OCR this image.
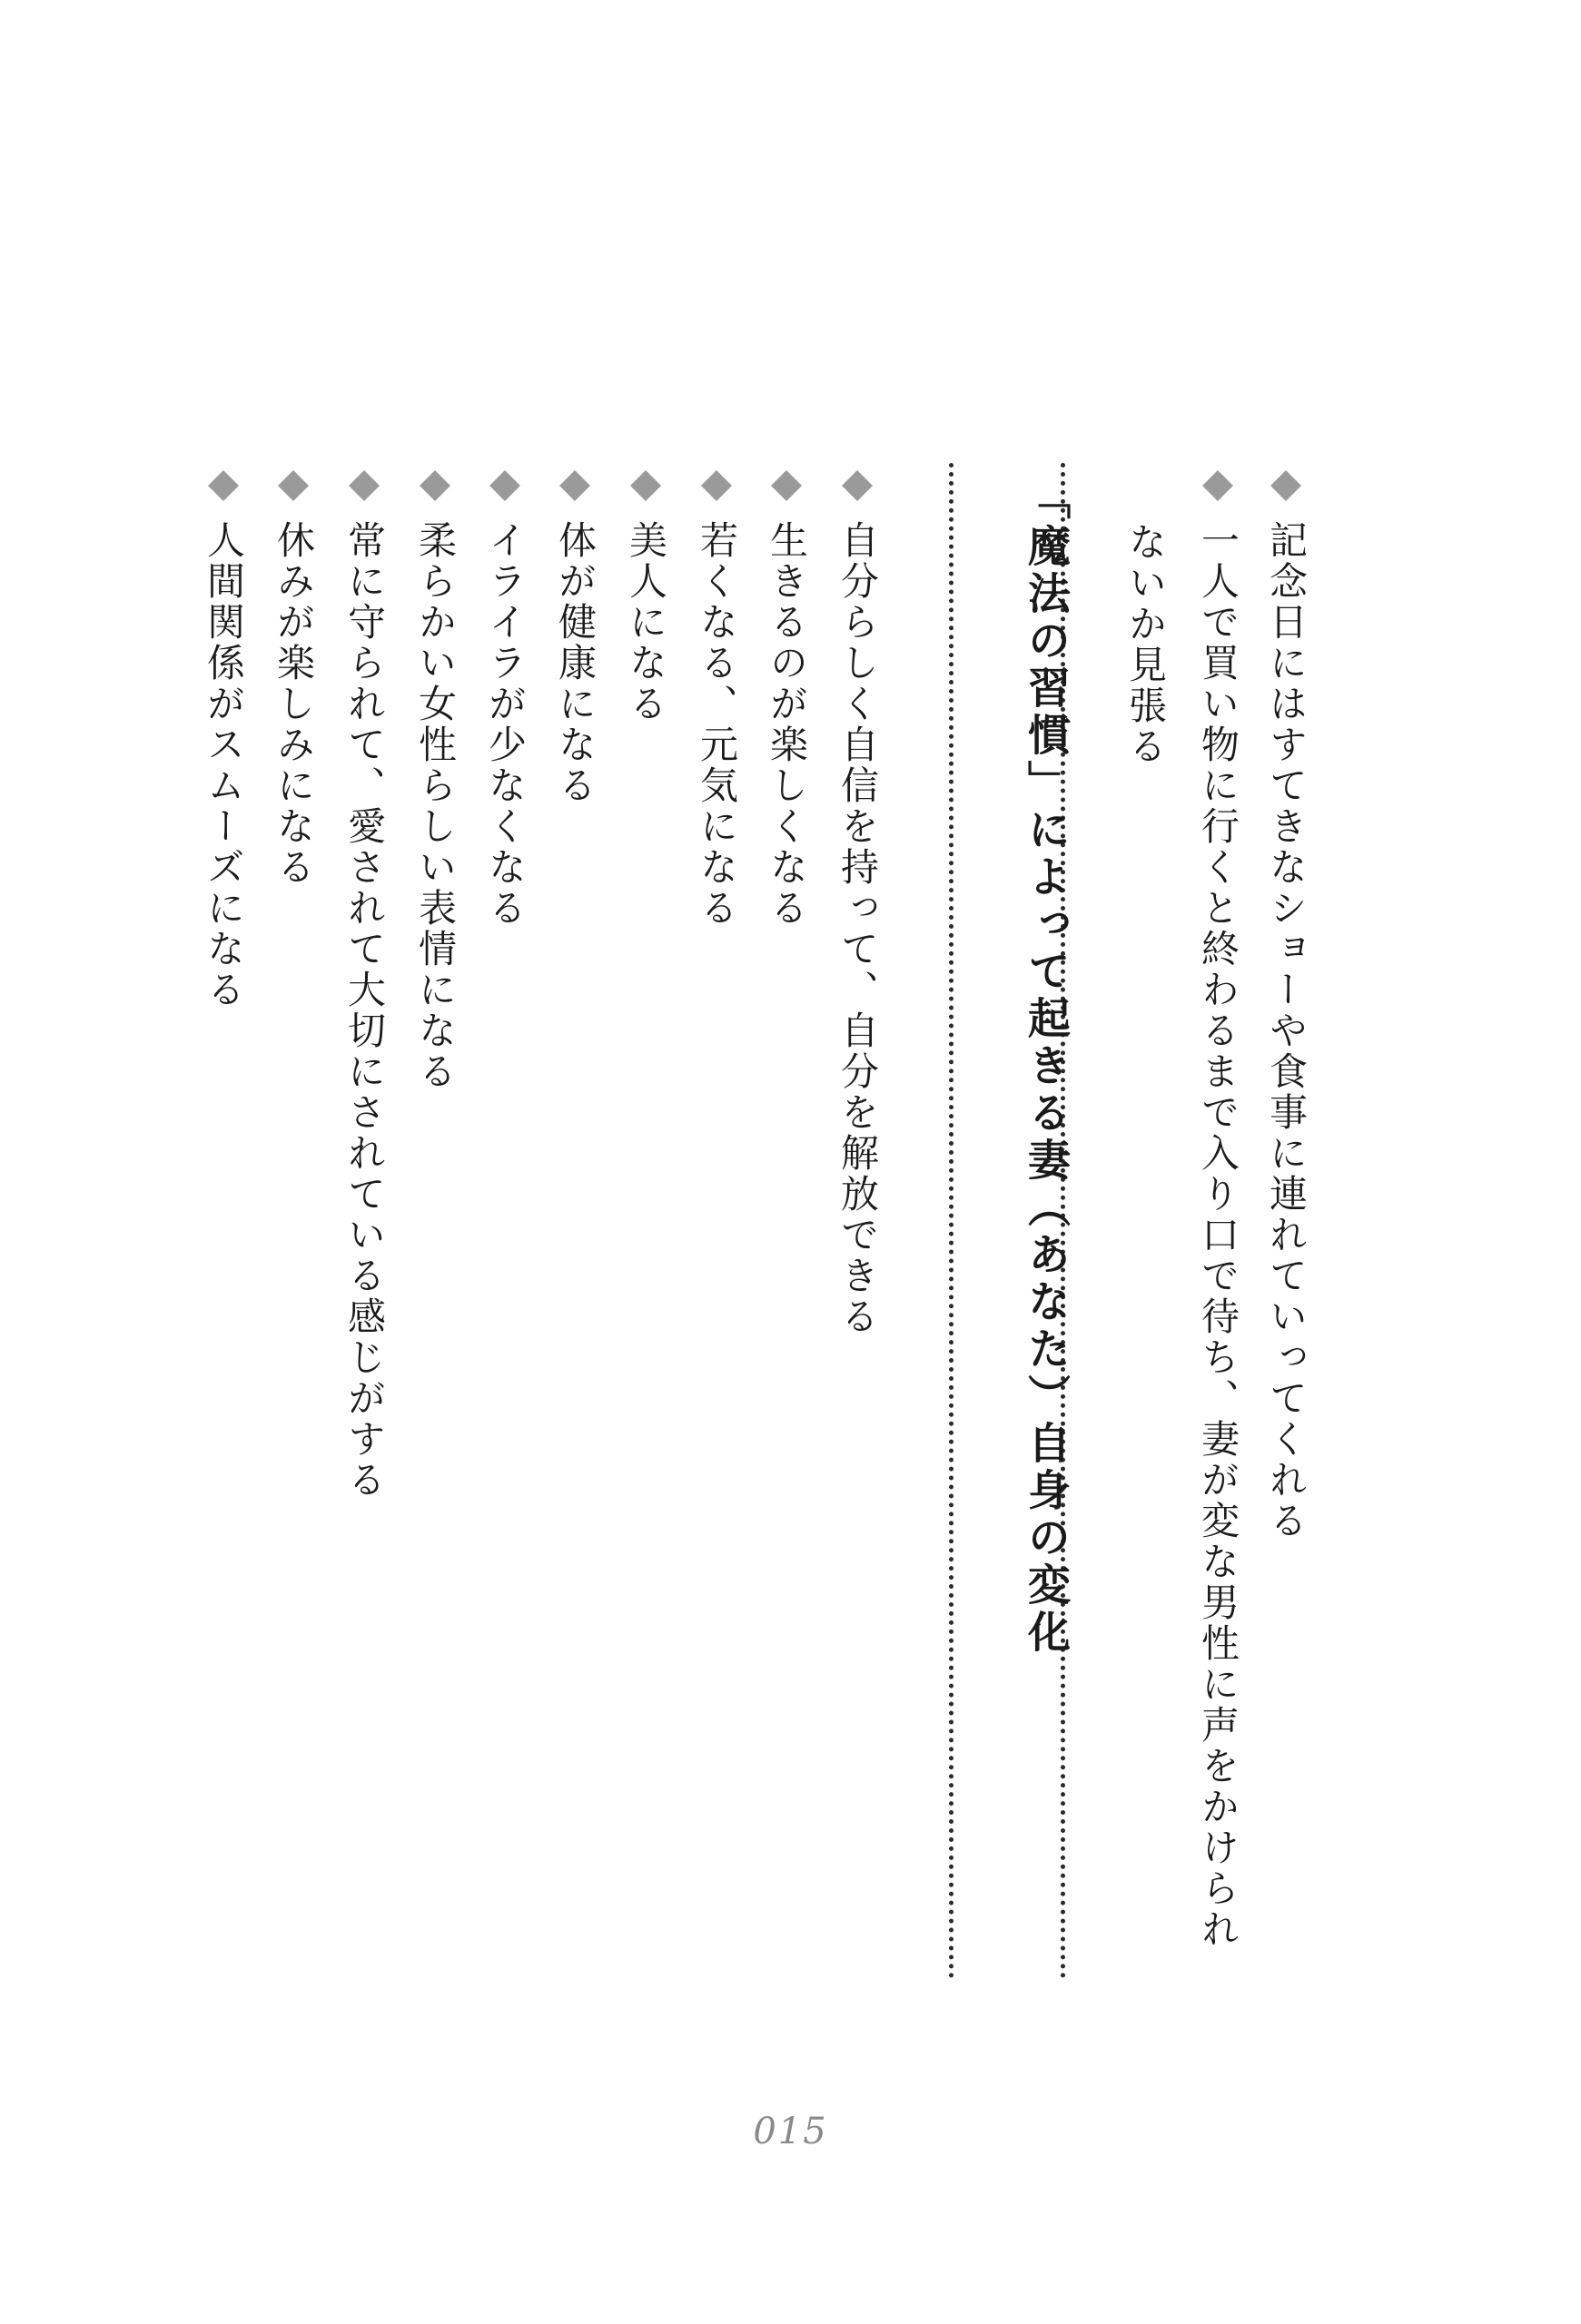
記念日にはすてきなショーや食事に連れていってくれる
一人で買い物に行くと終わるまで入り口で待ち、妻が変な男性に声をかけられ
ないか見張る
「魔法の習慣」によって起きる妻（あなた）自身の変化
自分らしく自信を持って、自分を解放できる
生きるのが楽しくなる
若くなる、元気になる
美人になる
体が健康になる
イライラが少なくなる
柔らかい女性らしい表情になる
常に守られて、愛されて大切にされている感じがする
休みが楽しみになる
人間関係がスムーズになる
015
